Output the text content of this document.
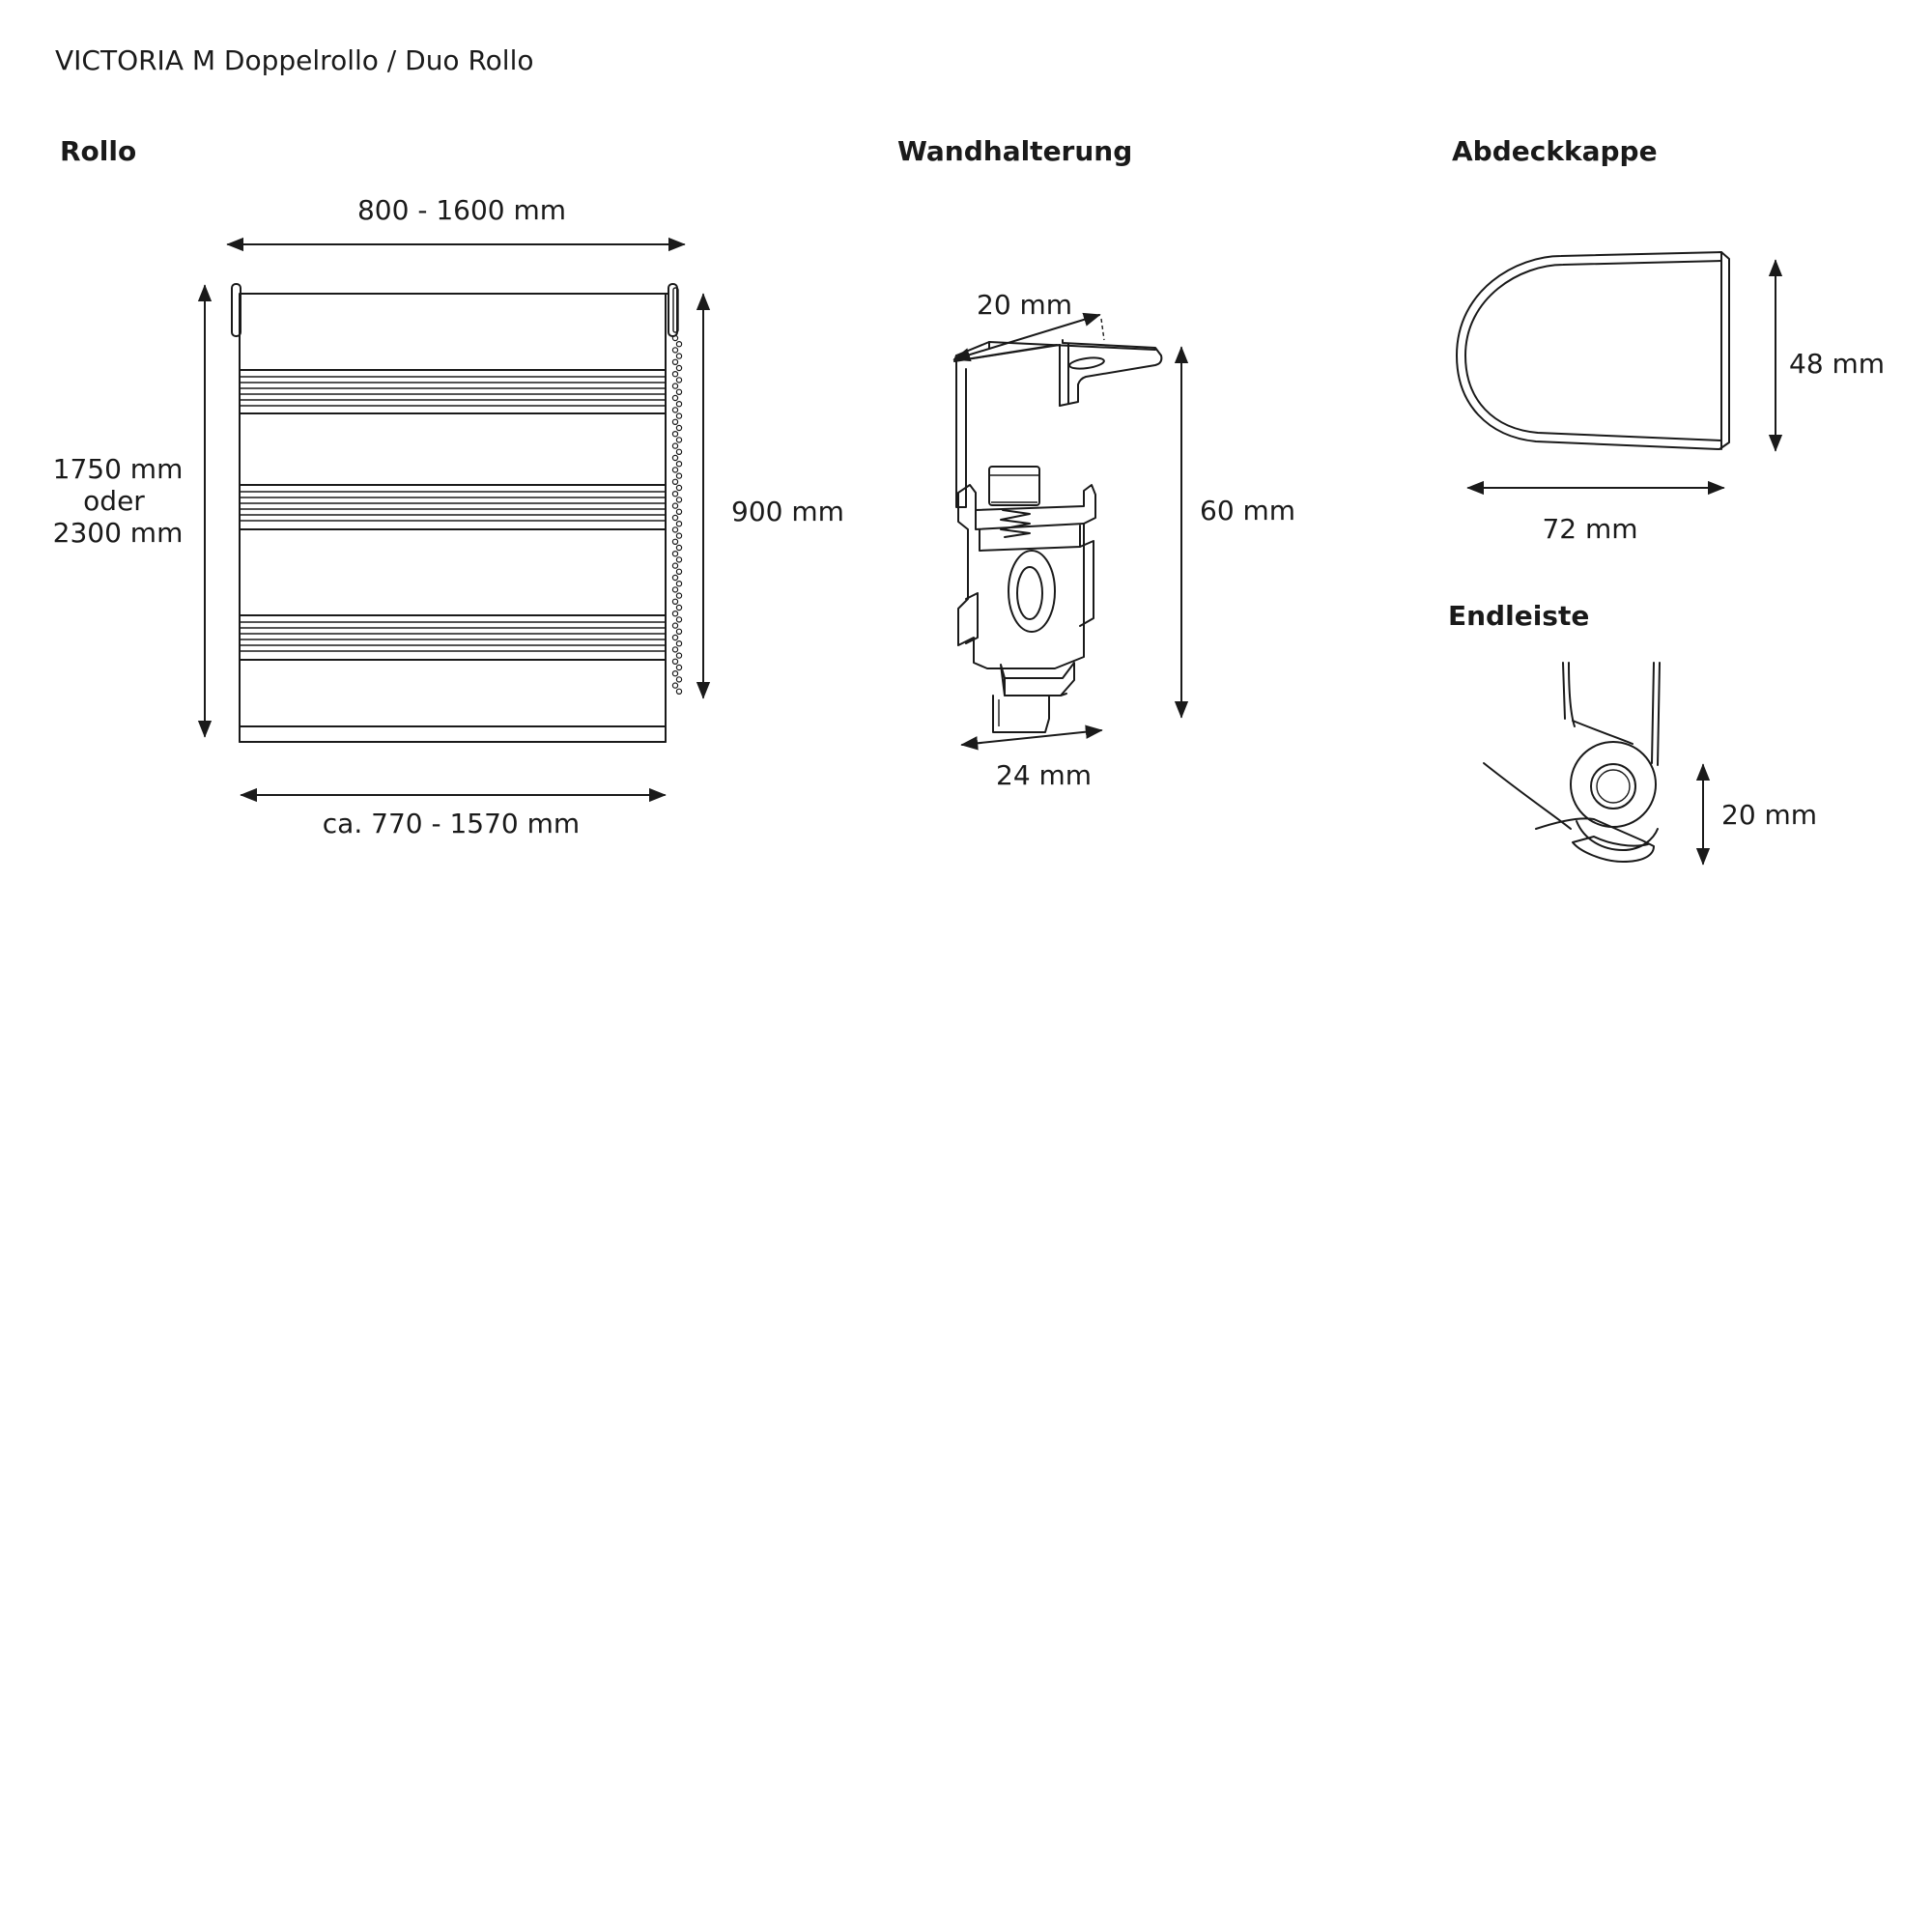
VICTORIA M Doppelrollo / Duo Rollo
Rollo	Wandhalterung	Abdeckkappe
Endleiste
800 - 1600 mm
1750 mm
oder
2300 mm
900 mm
ca. 770 - 1570 mm
20 mm
60 mm
24 mm
48 mm
72 mm
20 mm
